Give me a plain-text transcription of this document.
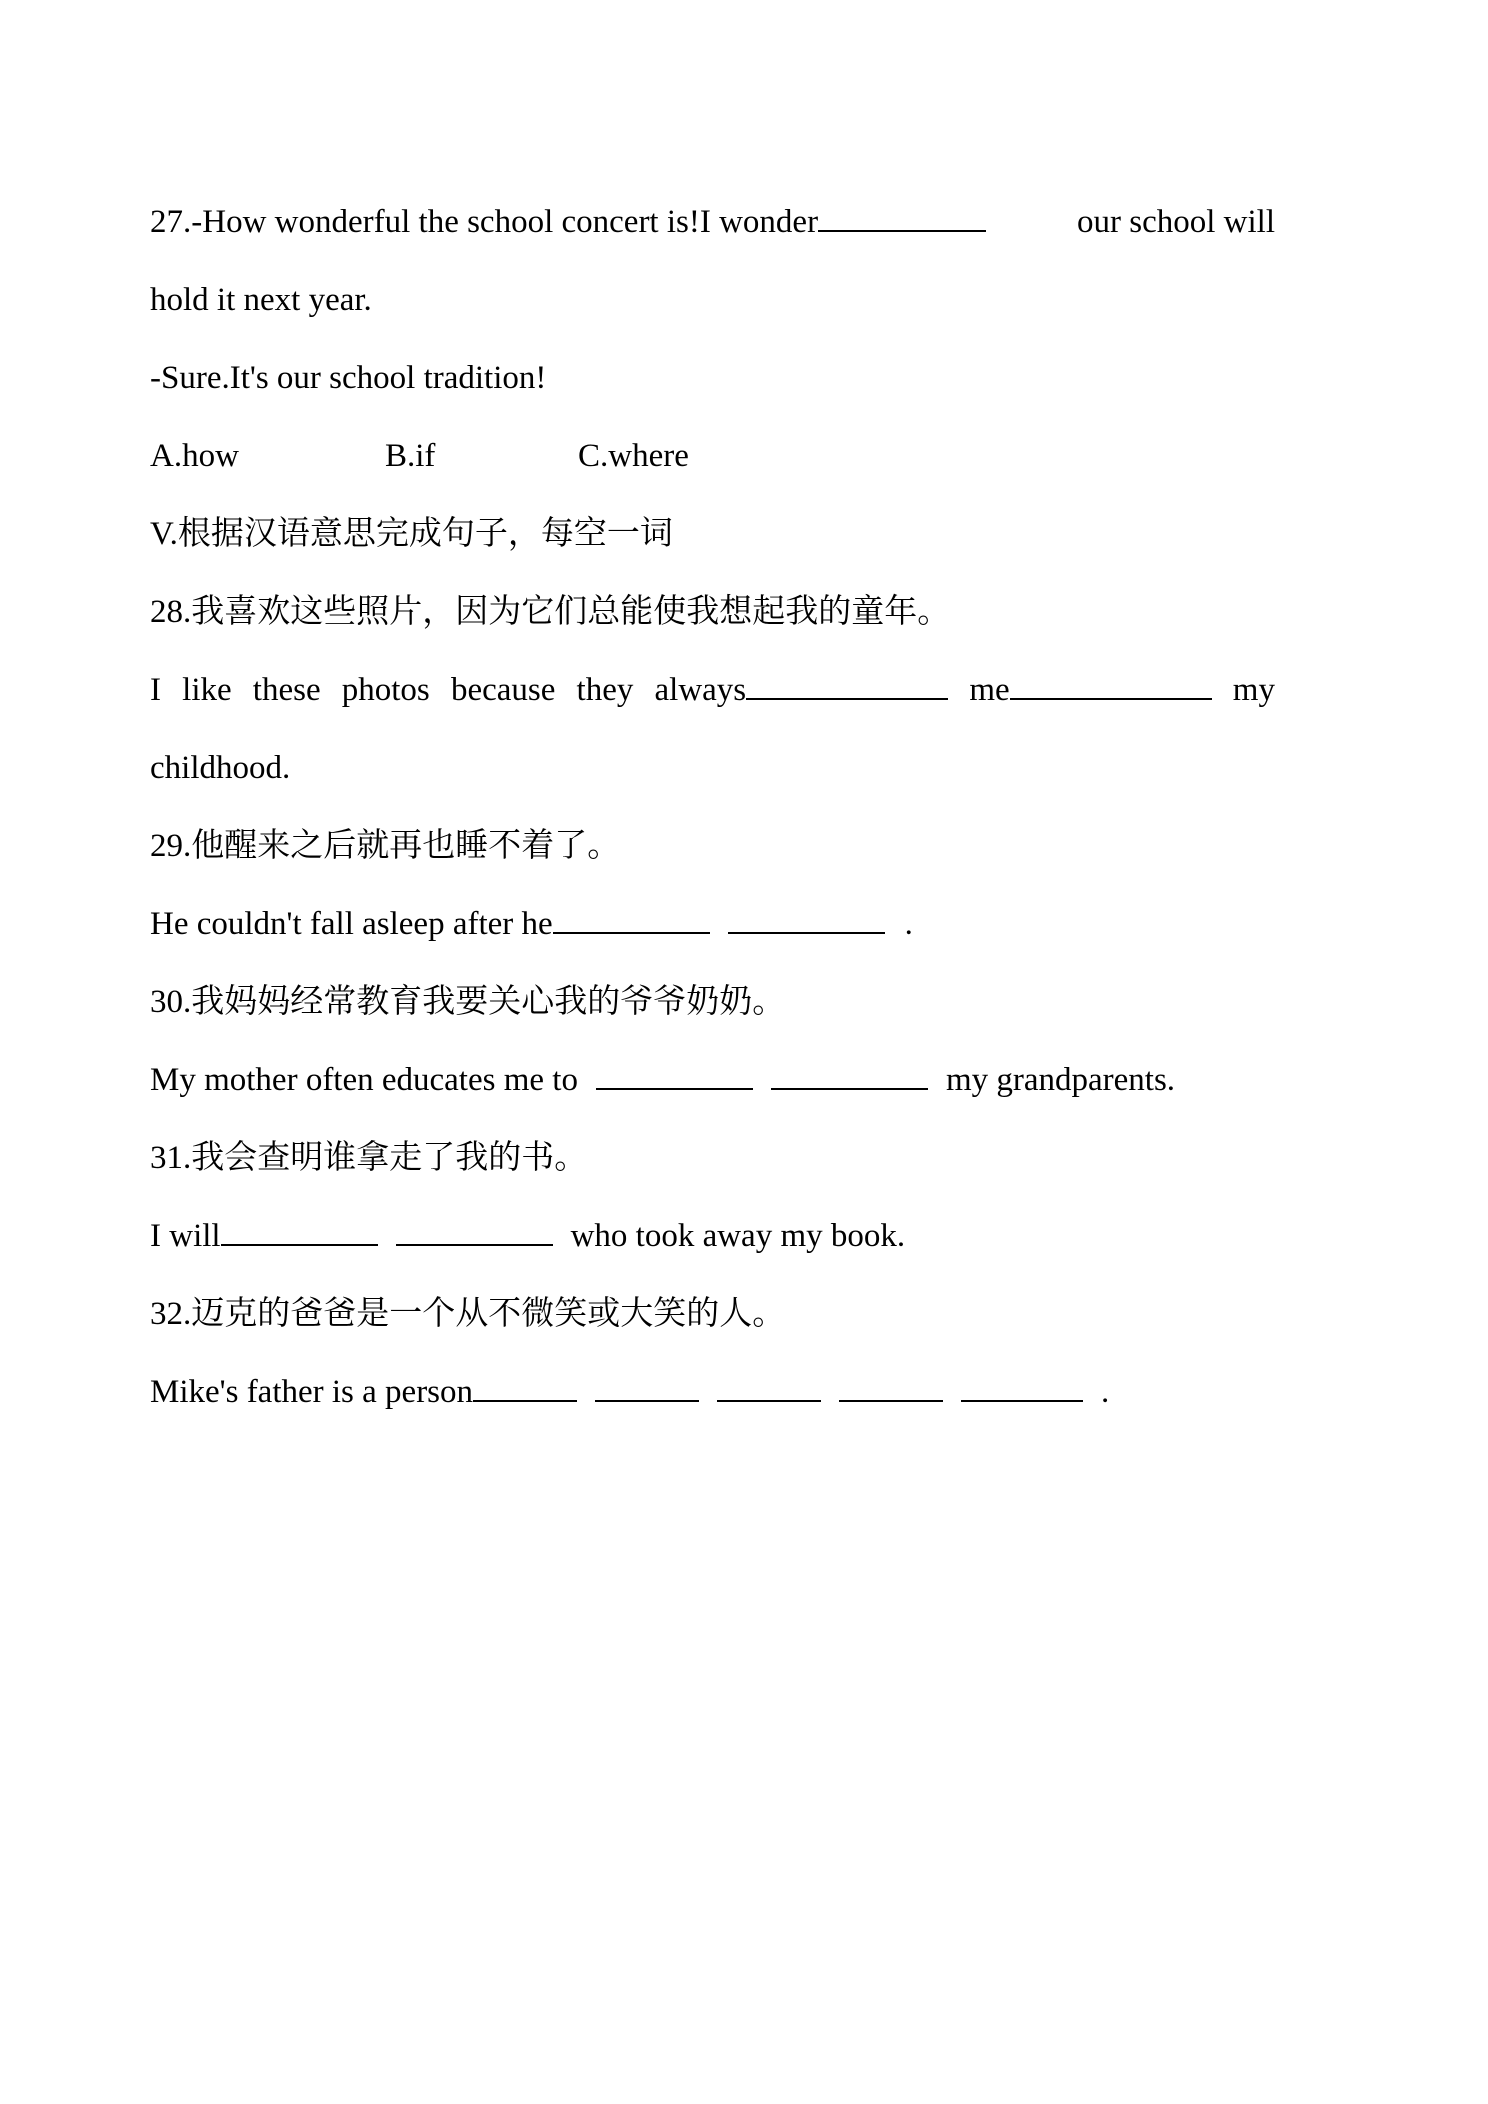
27.-How wonderful the school concert is!I wonder	our school will
hold it next year.
-Sure.It's our school tradition!
A.how	B.if	C.where
V.根据汉语意思完成句子，每空一词
28.我喜欢这些照片，因为它们总能使我想起我的童年。
I like these photos because they always	me	my
childhood.
29.他醒来之后就再也睡不着了。
He couldn't fall asleep after he	.
30.我妈妈经常教育我要关心我的爷爷奶奶。
My mother often educates me to	my grandparents.
31.我会查明谁拿走了我的书。
I will	who took away my book.
32.迈克的爸爸是一个从不微笑或大笑的人。
Mike's father is a person	.
